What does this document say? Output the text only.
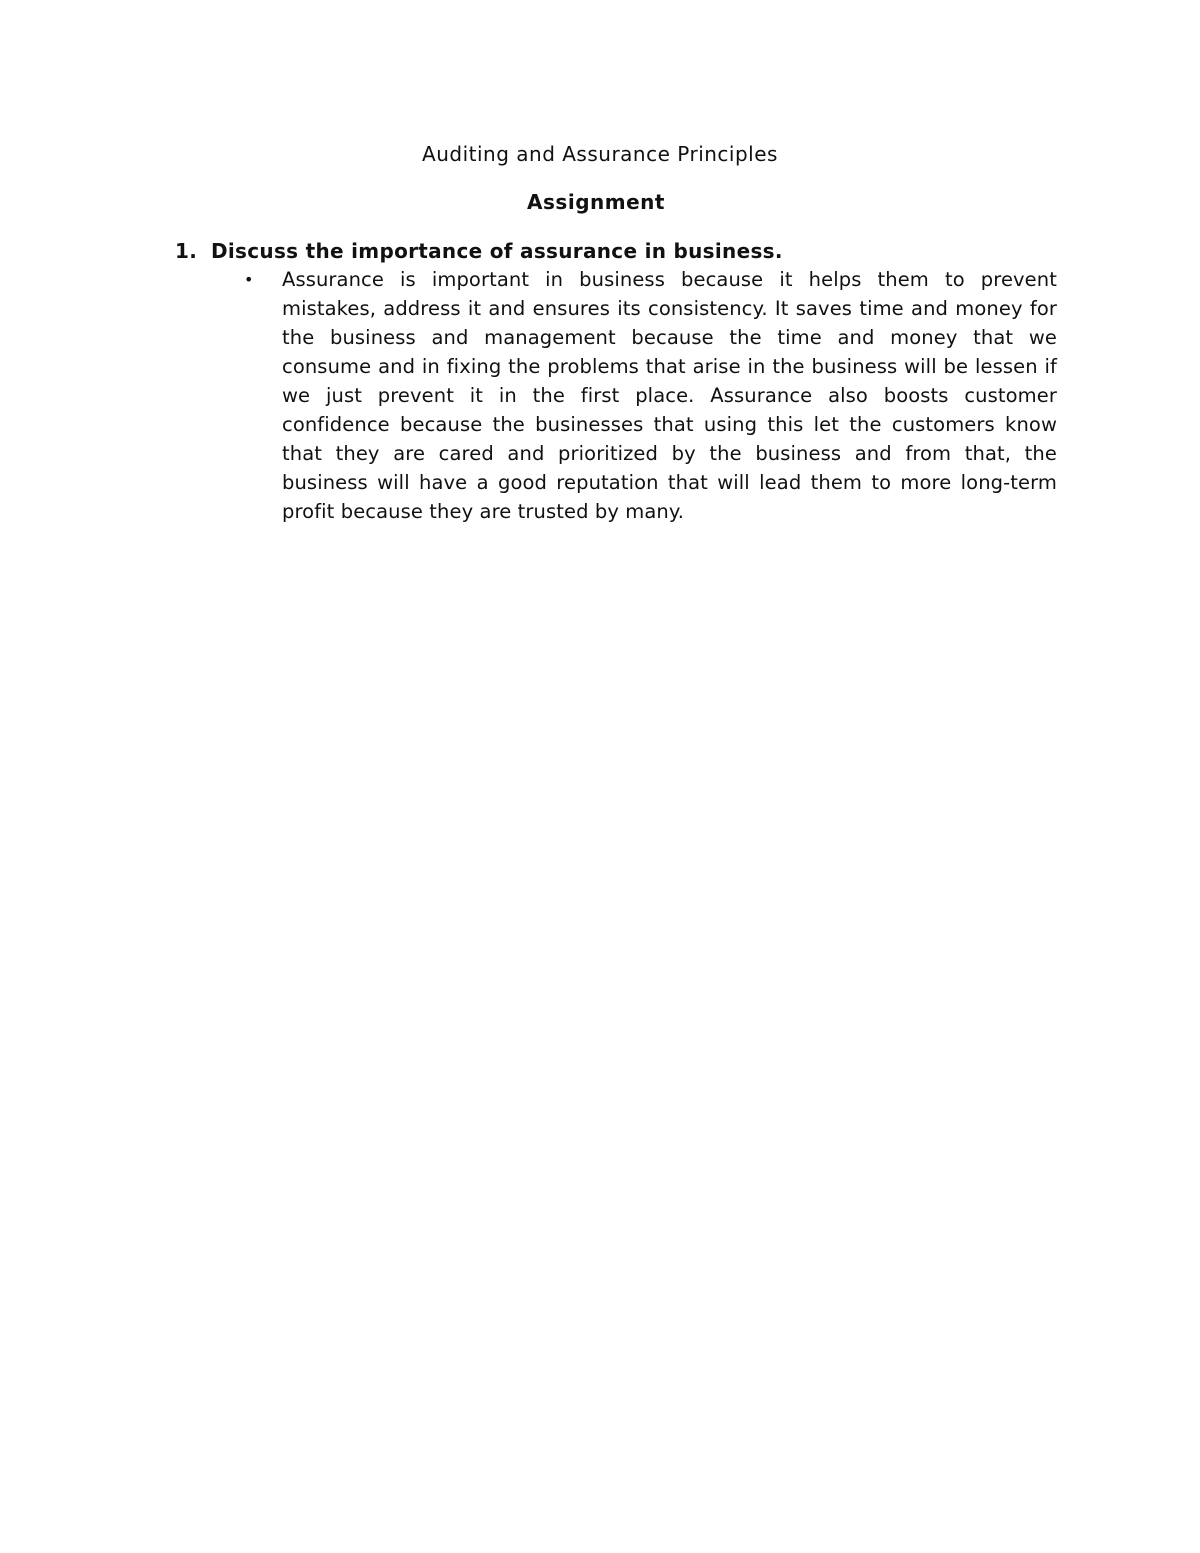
Auditing and Assurance Principles
Assignment
1. Discuss the importance of assurance in business.
• Assurance is important in business because it helps them to prevent mistakes, address it and ensures its consistency. It saves time and money for the business and management because the time and money that we consume and in fixing the problems that arise in the business will be lessen if we just prevent it in the first place. Assurance also boosts customer confidence because the businesses that using this let the customers know that they are cared and prioritized by the business and from that, the business will have a good reputation that will lead them to more long-term profit because they are trusted by many.
